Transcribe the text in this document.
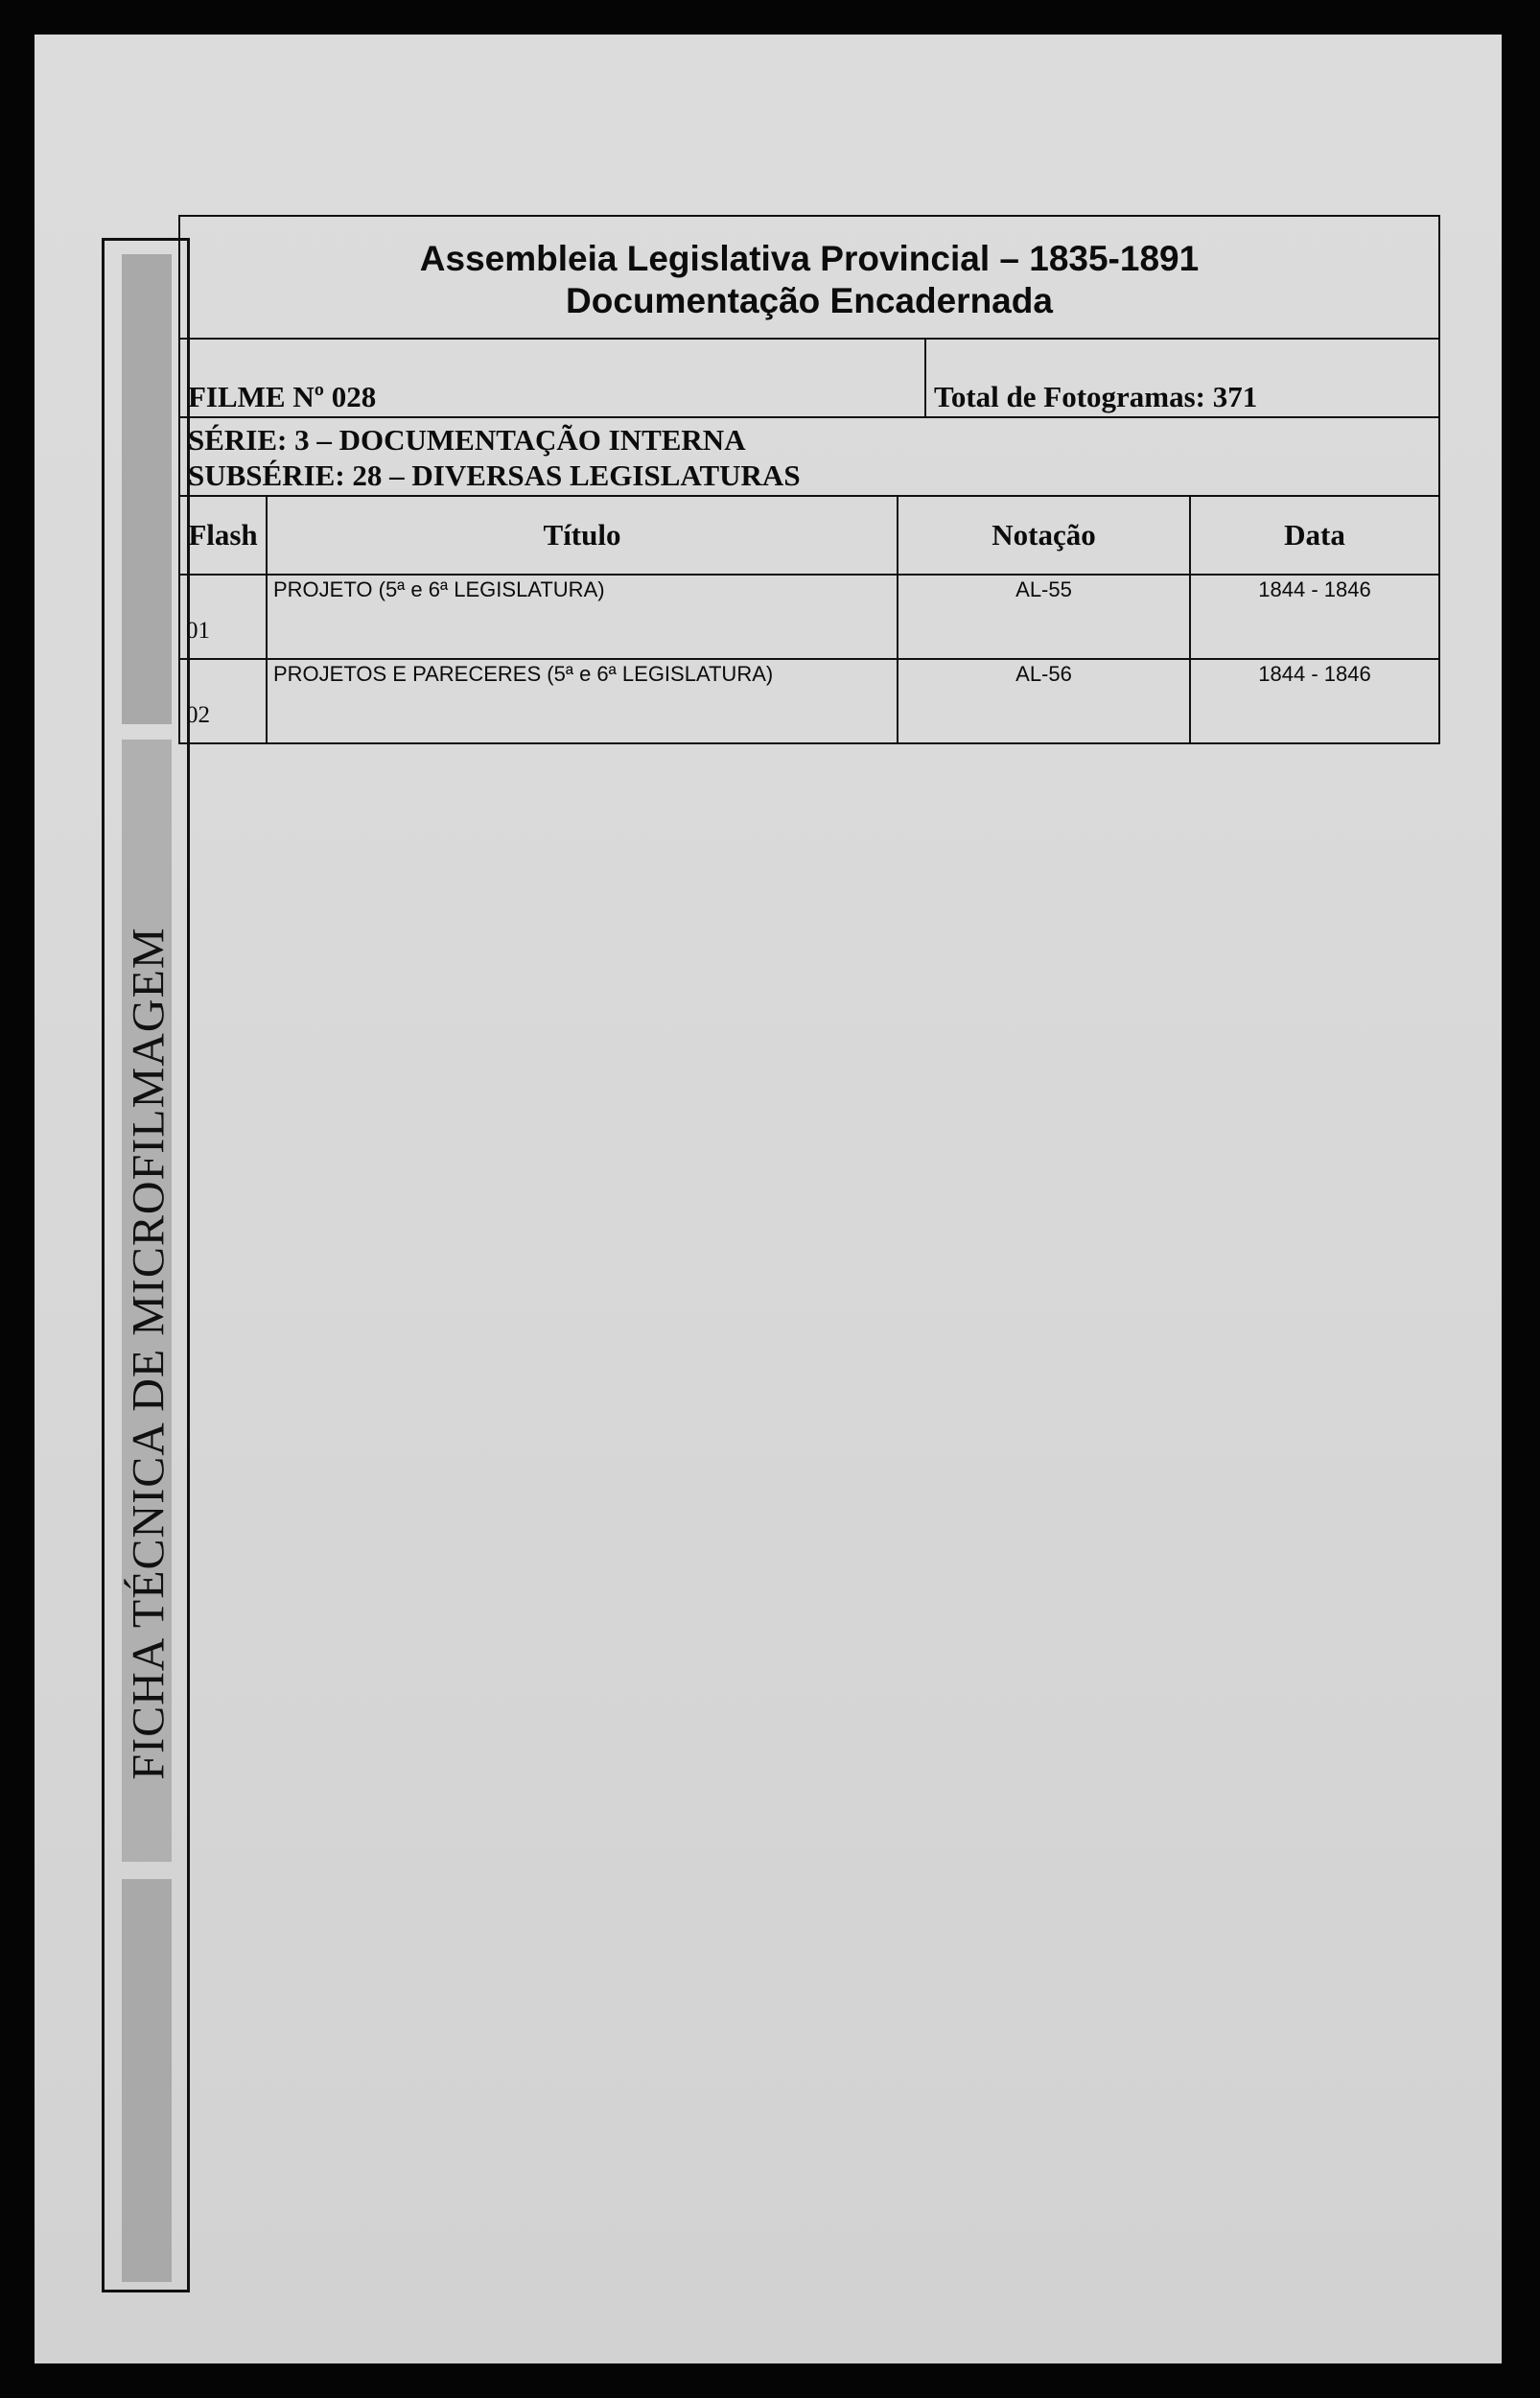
FICHA TÉCNICA DE MICROFILMAGEM
Assembleia Legislativa Provincial – 1835-1891
Documentação Encadernada
FILME Nº 028	Total de Fotogramas: 371
SÉRIE: 3 – DOCUMENTAÇÃO INTERNA
SUBSÉRIE: 28 – DIVERSAS LEGISLATURAS
Flash	Título	Notação	Data
01	PROJETO (5ª e 6ª LEGISLATURA)	AL-55	1844 - 1846
02	PROJETOS E PARECERES (5ª e 6ª LEGISLATURA)	AL-56	1844 - 1846
